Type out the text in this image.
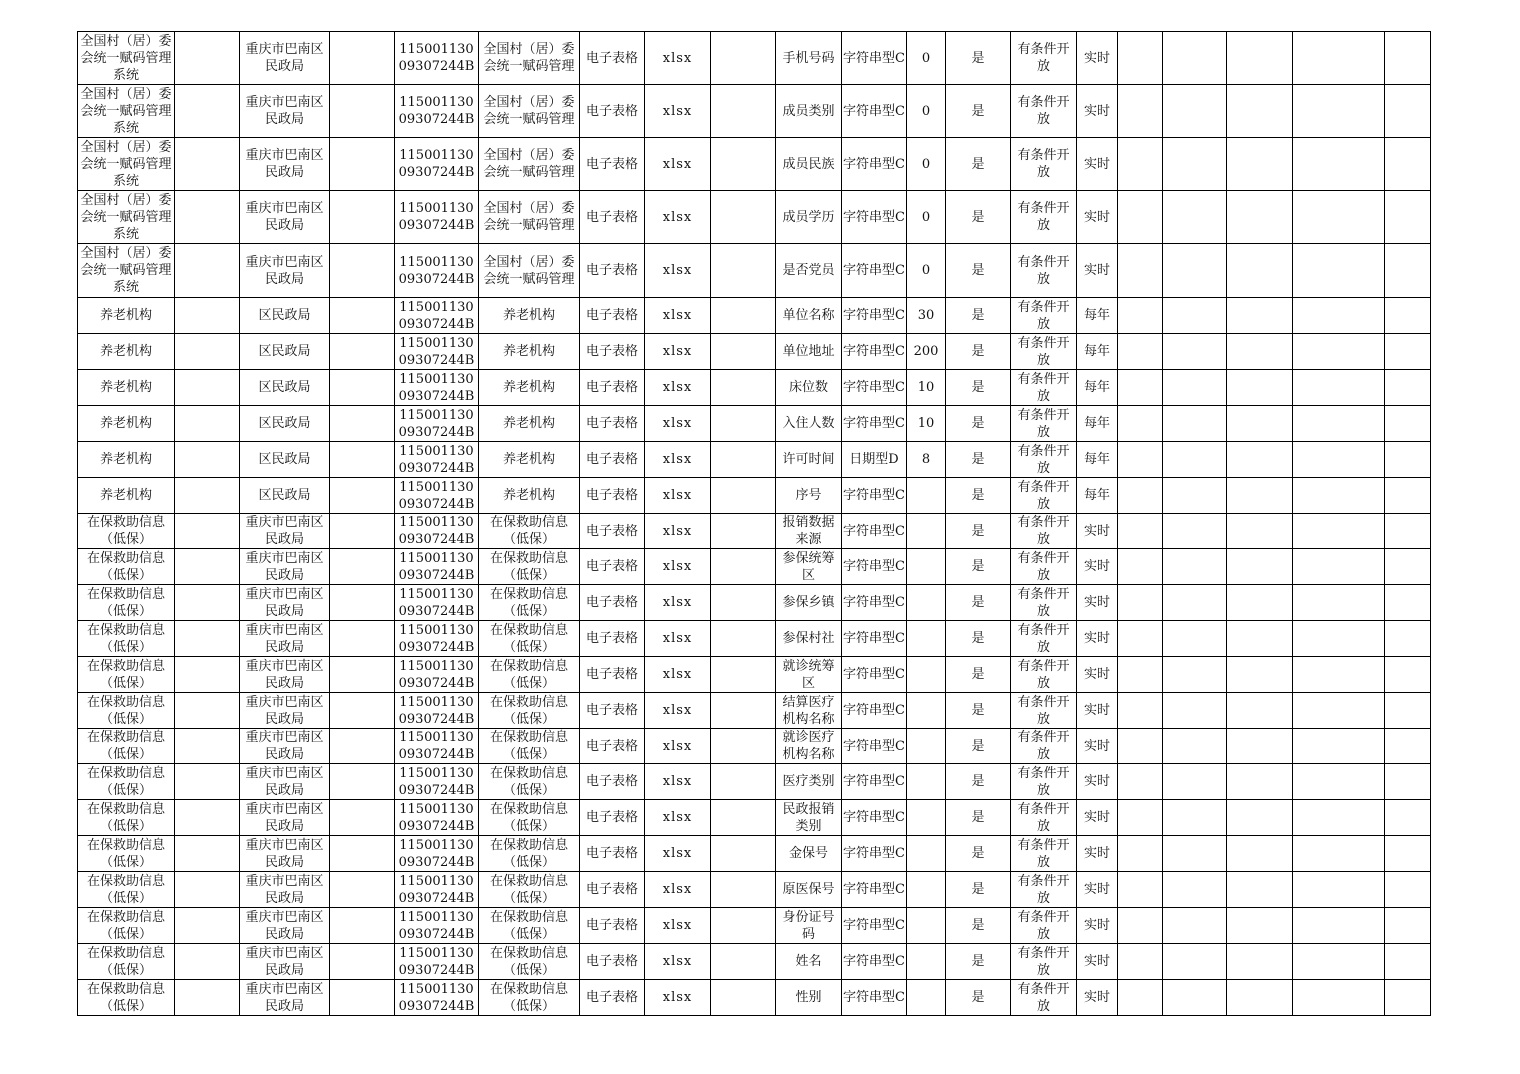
全国村（居）委会统一赋码管理系统		重庆市巴南区民政局		11500113009307244B	全国村（居）委会统一赋码管理	电子表格	xlsx		手机号码	字符串型C	0	是	有条件开放	实时					
全国村（居）委会统一赋码管理系统		重庆市巴南区民政局		11500113009307244B	全国村（居）委会统一赋码管理	电子表格	xlsx		成员类别	字符串型C	0	是	有条件开放	实时					
全国村（居）委会统一赋码管理系统		重庆市巴南区民政局		11500113009307244B	全国村（居）委会统一赋码管理	电子表格	xlsx		成员民族	字符串型C	0	是	有条件开放	实时					
全国村（居）委会统一赋码管理系统		重庆市巴南区民政局		11500113009307244B	全国村（居）委会统一赋码管理	电子表格	xlsx		成员学历	字符串型C	0	是	有条件开放	实时					
全国村（居）委会统一赋码管理系统		重庆市巴南区民政局		11500113009307244B	全国村（居）委会统一赋码管理	电子表格	xlsx		是否党员	字符串型C	0	是	有条件开放	实时					
养老机构		区民政局		11500113009307244B	养老机构	电子表格	xlsx		单位名称	字符串型C	30	是	有条件开放	每年					
养老机构		区民政局		11500113009307244B	养老机构	电子表格	xlsx		单位地址	字符串型C	200	是	有条件开放	每年					
养老机构		区民政局		11500113009307244B	养老机构	电子表格	xlsx		床位数	字符串型C	10	是	有条件开放	每年					
养老机构		区民政局		11500113009307244B	养老机构	电子表格	xlsx		入住人数	字符串型C	10	是	有条件开放	每年					
养老机构		区民政局		11500113009307244B	养老机构	电子表格	xlsx		许可时间	日期型D	8	是	有条件开放	每年					
养老机构		区民政局		11500113009307244B	养老机构	电子表格	xlsx		序号	字符串型C		是	有条件开放	每年					
在保救助信息（低保）		重庆市巴南区民政局		11500113009307244B	在保救助信息（低保）	电子表格	xlsx		报销数据来源	字符串型C		是	有条件开放	实时					
在保救助信息（低保）		重庆市巴南区民政局		11500113009307244B	在保救助信息（低保）	电子表格	xlsx		参保统筹区	字符串型C		是	有条件开放	实时					
在保救助信息（低保）		重庆市巴南区民政局		11500113009307244B	在保救助信息（低保）	电子表格	xlsx		参保乡镇	字符串型C		是	有条件开放	实时					
在保救助信息（低保）		重庆市巴南区民政局		11500113009307244B	在保救助信息（低保）	电子表格	xlsx		参保村社	字符串型C		是	有条件开放	实时					
在保救助信息（低保）		重庆市巴南区民政局		11500113009307244B	在保救助信息（低保）	电子表格	xlsx		就诊统筹区	字符串型C		是	有条件开放	实时					
在保救助信息（低保）		重庆市巴南区民政局		11500113009307244B	在保救助信息（低保）	电子表格	xlsx		结算医疗机构名称	字符串型C		是	有条件开放	实时					
在保救助信息（低保）		重庆市巴南区民政局		11500113009307244B	在保救助信息（低保）	电子表格	xlsx		就诊医疗机构名称	字符串型C		是	有条件开放	实时					
在保救助信息（低保）		重庆市巴南区民政局		11500113009307244B	在保救助信息（低保）	电子表格	xlsx		医疗类别	字符串型C		是	有条件开放	实时					
在保救助信息（低保）		重庆市巴南区民政局		11500113009307244B	在保救助信息（低保）	电子表格	xlsx		民政报销类别	字符串型C		是	有条件开放	实时					
在保救助信息（低保）		重庆市巴南区民政局		11500113009307244B	在保救助信息（低保）	电子表格	xlsx		金保号	字符串型C		是	有条件开放	实时					
在保救助信息（低保）		重庆市巴南区民政局		11500113009307244B	在保救助信息（低保）	电子表格	xlsx		原医保号	字符串型C		是	有条件开放	实时					
在保救助信息（低保）		重庆市巴南区民政局		11500113009307244B	在保救助信息（低保）	电子表格	xlsx		身份证号码	字符串型C		是	有条件开放	实时					
在保救助信息（低保）		重庆市巴南区民政局		11500113009307244B	在保救助信息（低保）	电子表格	xlsx		姓名	字符串型C		是	有条件开放	实时					
在保救助信息（低保）		重庆市巴南区民政局		11500113009307244B	在保救助信息（低保）	电子表格	xlsx		性别	字符串型C		是	有条件开放	实时					
